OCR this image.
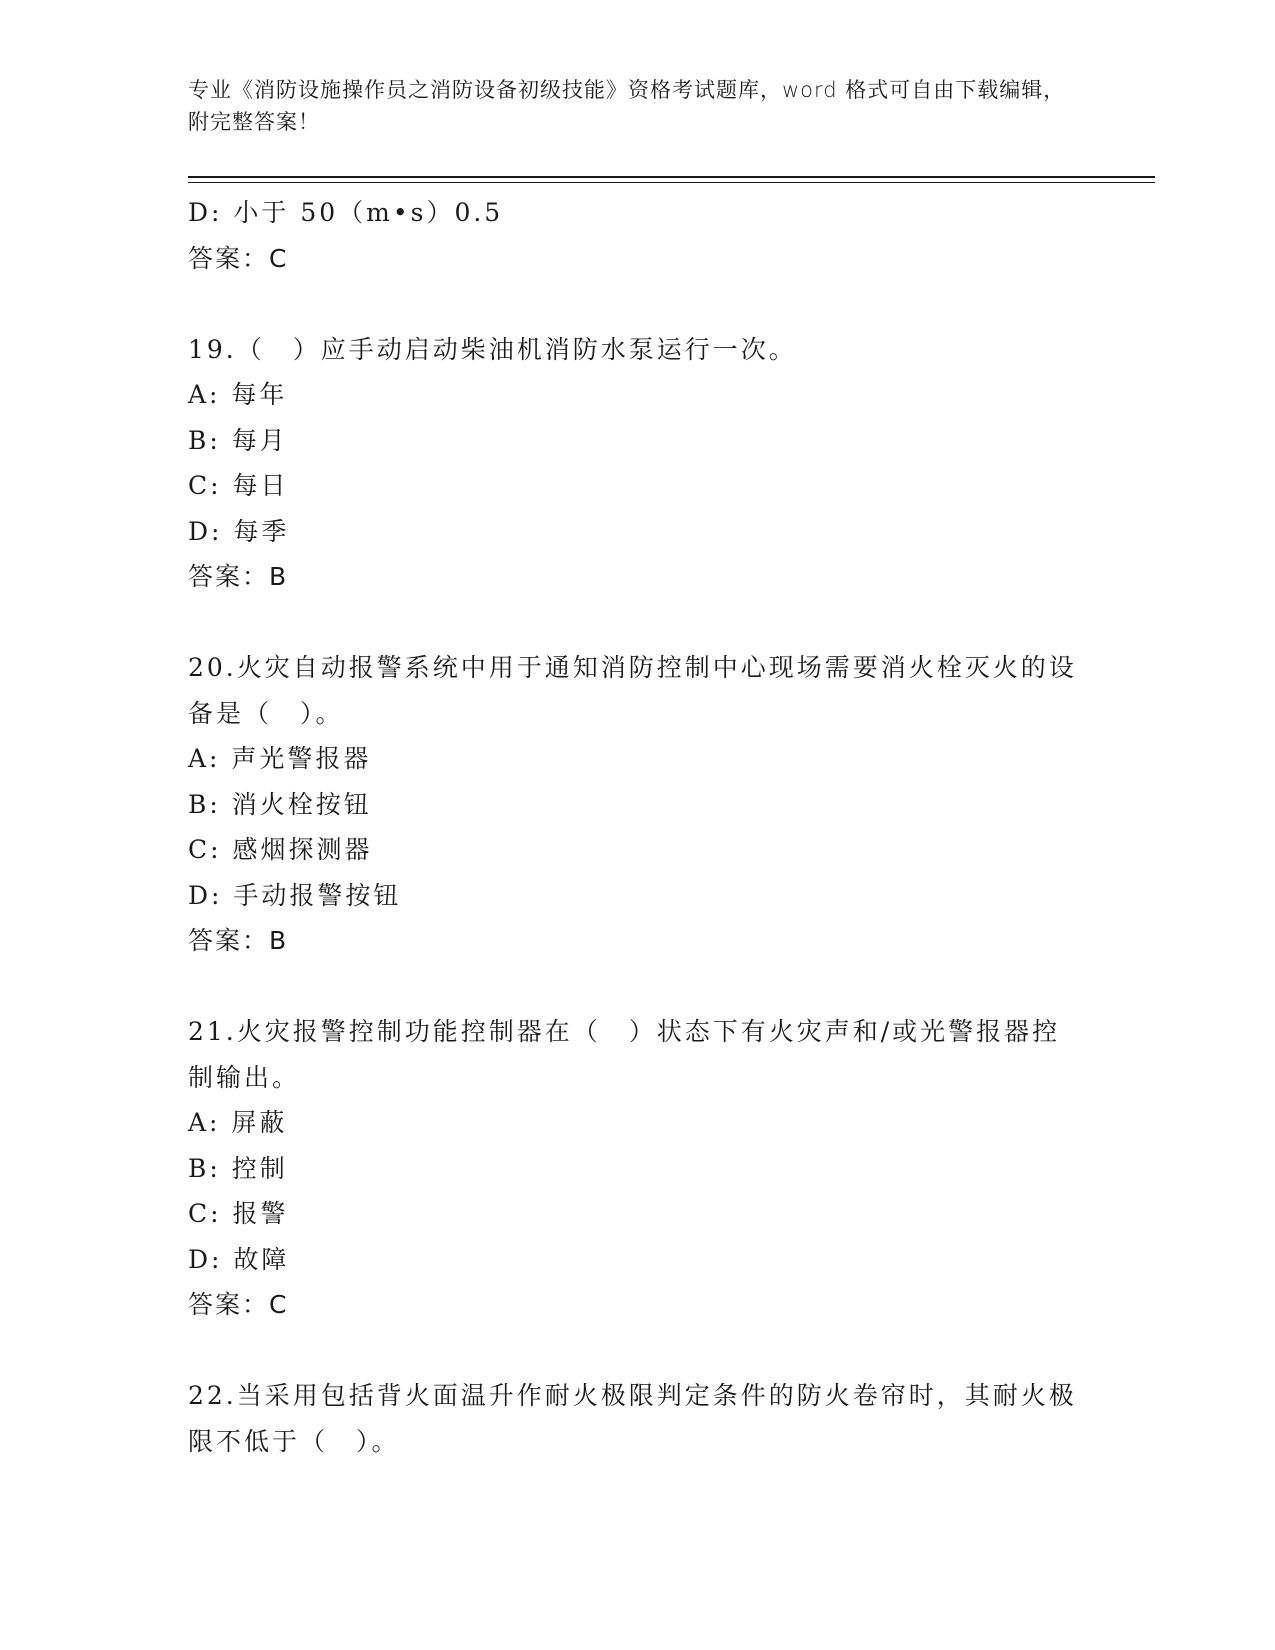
专业《消防设施操作员之消防设备初级技能》资格考试题库，word 格式可自由下载编辑，附完整答案！
D: 小于 50（m•s）0.5
答案：C
19.（　）应手动启动柴油机消防水泵运行一次。
A: 每年
B: 每月
C: 每日
D: 每季
答案：B
20.火灾自动报警系统中用于通知消防控制中心现场需要消火栓灭火的设备是（　）。
A: 声光警报器
B: 消火栓按钮
C: 感烟探测器
D: 手动报警按钮
答案：B
21.火灾报警控制功能控制器在（　）状态下有火灾声和/或光警报器控制输出。
A: 屏蔽
B: 控制
C: 报警
D: 故障
答案：C
22.当采用包括背火面温升作耐火极限判定条件的防火卷帘时，其耐火极限不低于（　）。
